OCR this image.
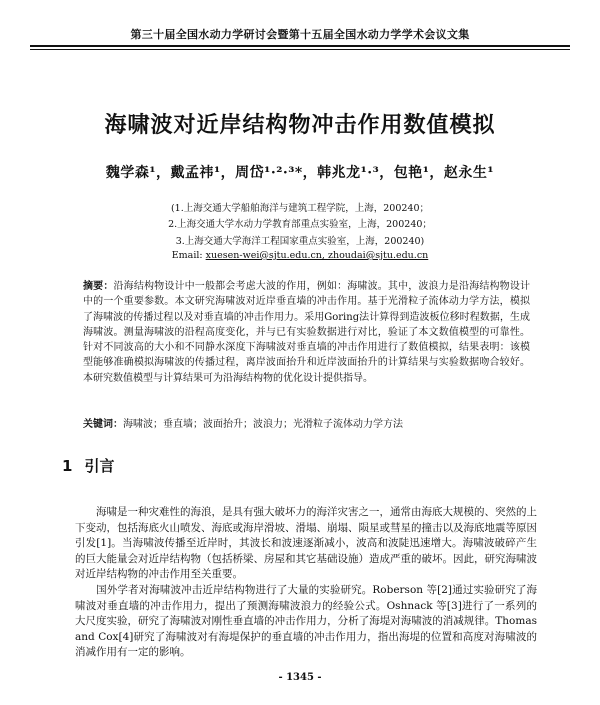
第三十届全国水动力学研讨会暨第十五届全国水动力学学术会议文集
海啸波对近岸结构物冲击作用数值模拟
魏学森¹，戴孟祎¹，周岱¹·²·³*，韩兆龙¹·³，包艳¹，赵永生¹
(1.上海交通大学船舶海洋与建筑工程学院，上海，200240；
2.上海交通大学水动力学教育部重点实验室，上海，200240；
3.上海交通大学海洋工程国家重点实验室，上海，200240)
Email: xuesen-wei@sjtu.edu.cn, zhoudai@sjtu.edu.cn
摘要：沿海结构物设计中一般都会考虑大波的作用，例如：海啸波。其中，波浪力是沿海结构物设计中的一个重要参数。本文研究海啸波对近岸垂直墙的冲击作用。基于光滑粒子流体动力学方法，模拟了海啸波的传播过程以及对垂直墙的冲击作用力。采用Goring法计算得到造波板位移时程数据，生成海啸波。测量海啸波的沿程高度变化，并与已有实验数据进行对比，验证了本文数值模型的可靠性。针对不同波高的大小和不同静水深度下海啸波对垂直墙的冲击作用进行了数值模拟，结果表明：该模型能够准确模拟海啸波的传播过程，离岸波面抬升和近岸波面抬升的计算结果与实验数据吻合较好。本研究数值模型与计算结果可为沿海结构物的优化设计提供指导。
关键词：海啸波；垂直墙；波面抬升；波浪力；光滑粒子流体动力学方法
1 引言

海啸是一种灾难性的海浪，是具有强大破坏力的海洋灾害之一，通常由海底大规模的、突然的上下变动，包括海底火山喷发、海底或海岸滑坡、滑塌、崩塌、陨星或彗星的撞击以及海底地震等原因引发[1]。当海啸波传播至近岸时，其波长和波速逐渐减小，波高和波陡迅速增大。海啸波破碎产生的巨大能量会对近岸结构物（包括桥梁、房屋和其它基础设施）造成严重的破坏。因此，研究海啸波对近岸结构物的冲击作用至关重要。

国外学者对海啸波冲击近岸结构物进行了大量的实验研究。Roberson 等[2]通过实验研究了海啸波对垂直墙的冲击作用力，提出了预测海啸波浪力的经验公式。Oshnack 等[3]进行了一系列的大尺度实验，研究了海啸波对刚性垂直墙的冲击作用力，分析了海堤对海啸波的消减规律。Thomas and Cox[4]研究了海啸波对有海堤保护的垂直墙的冲击作用力，指出海堤的位置和高度对海啸波的消减作用有一定的影响。

- 1345 -
